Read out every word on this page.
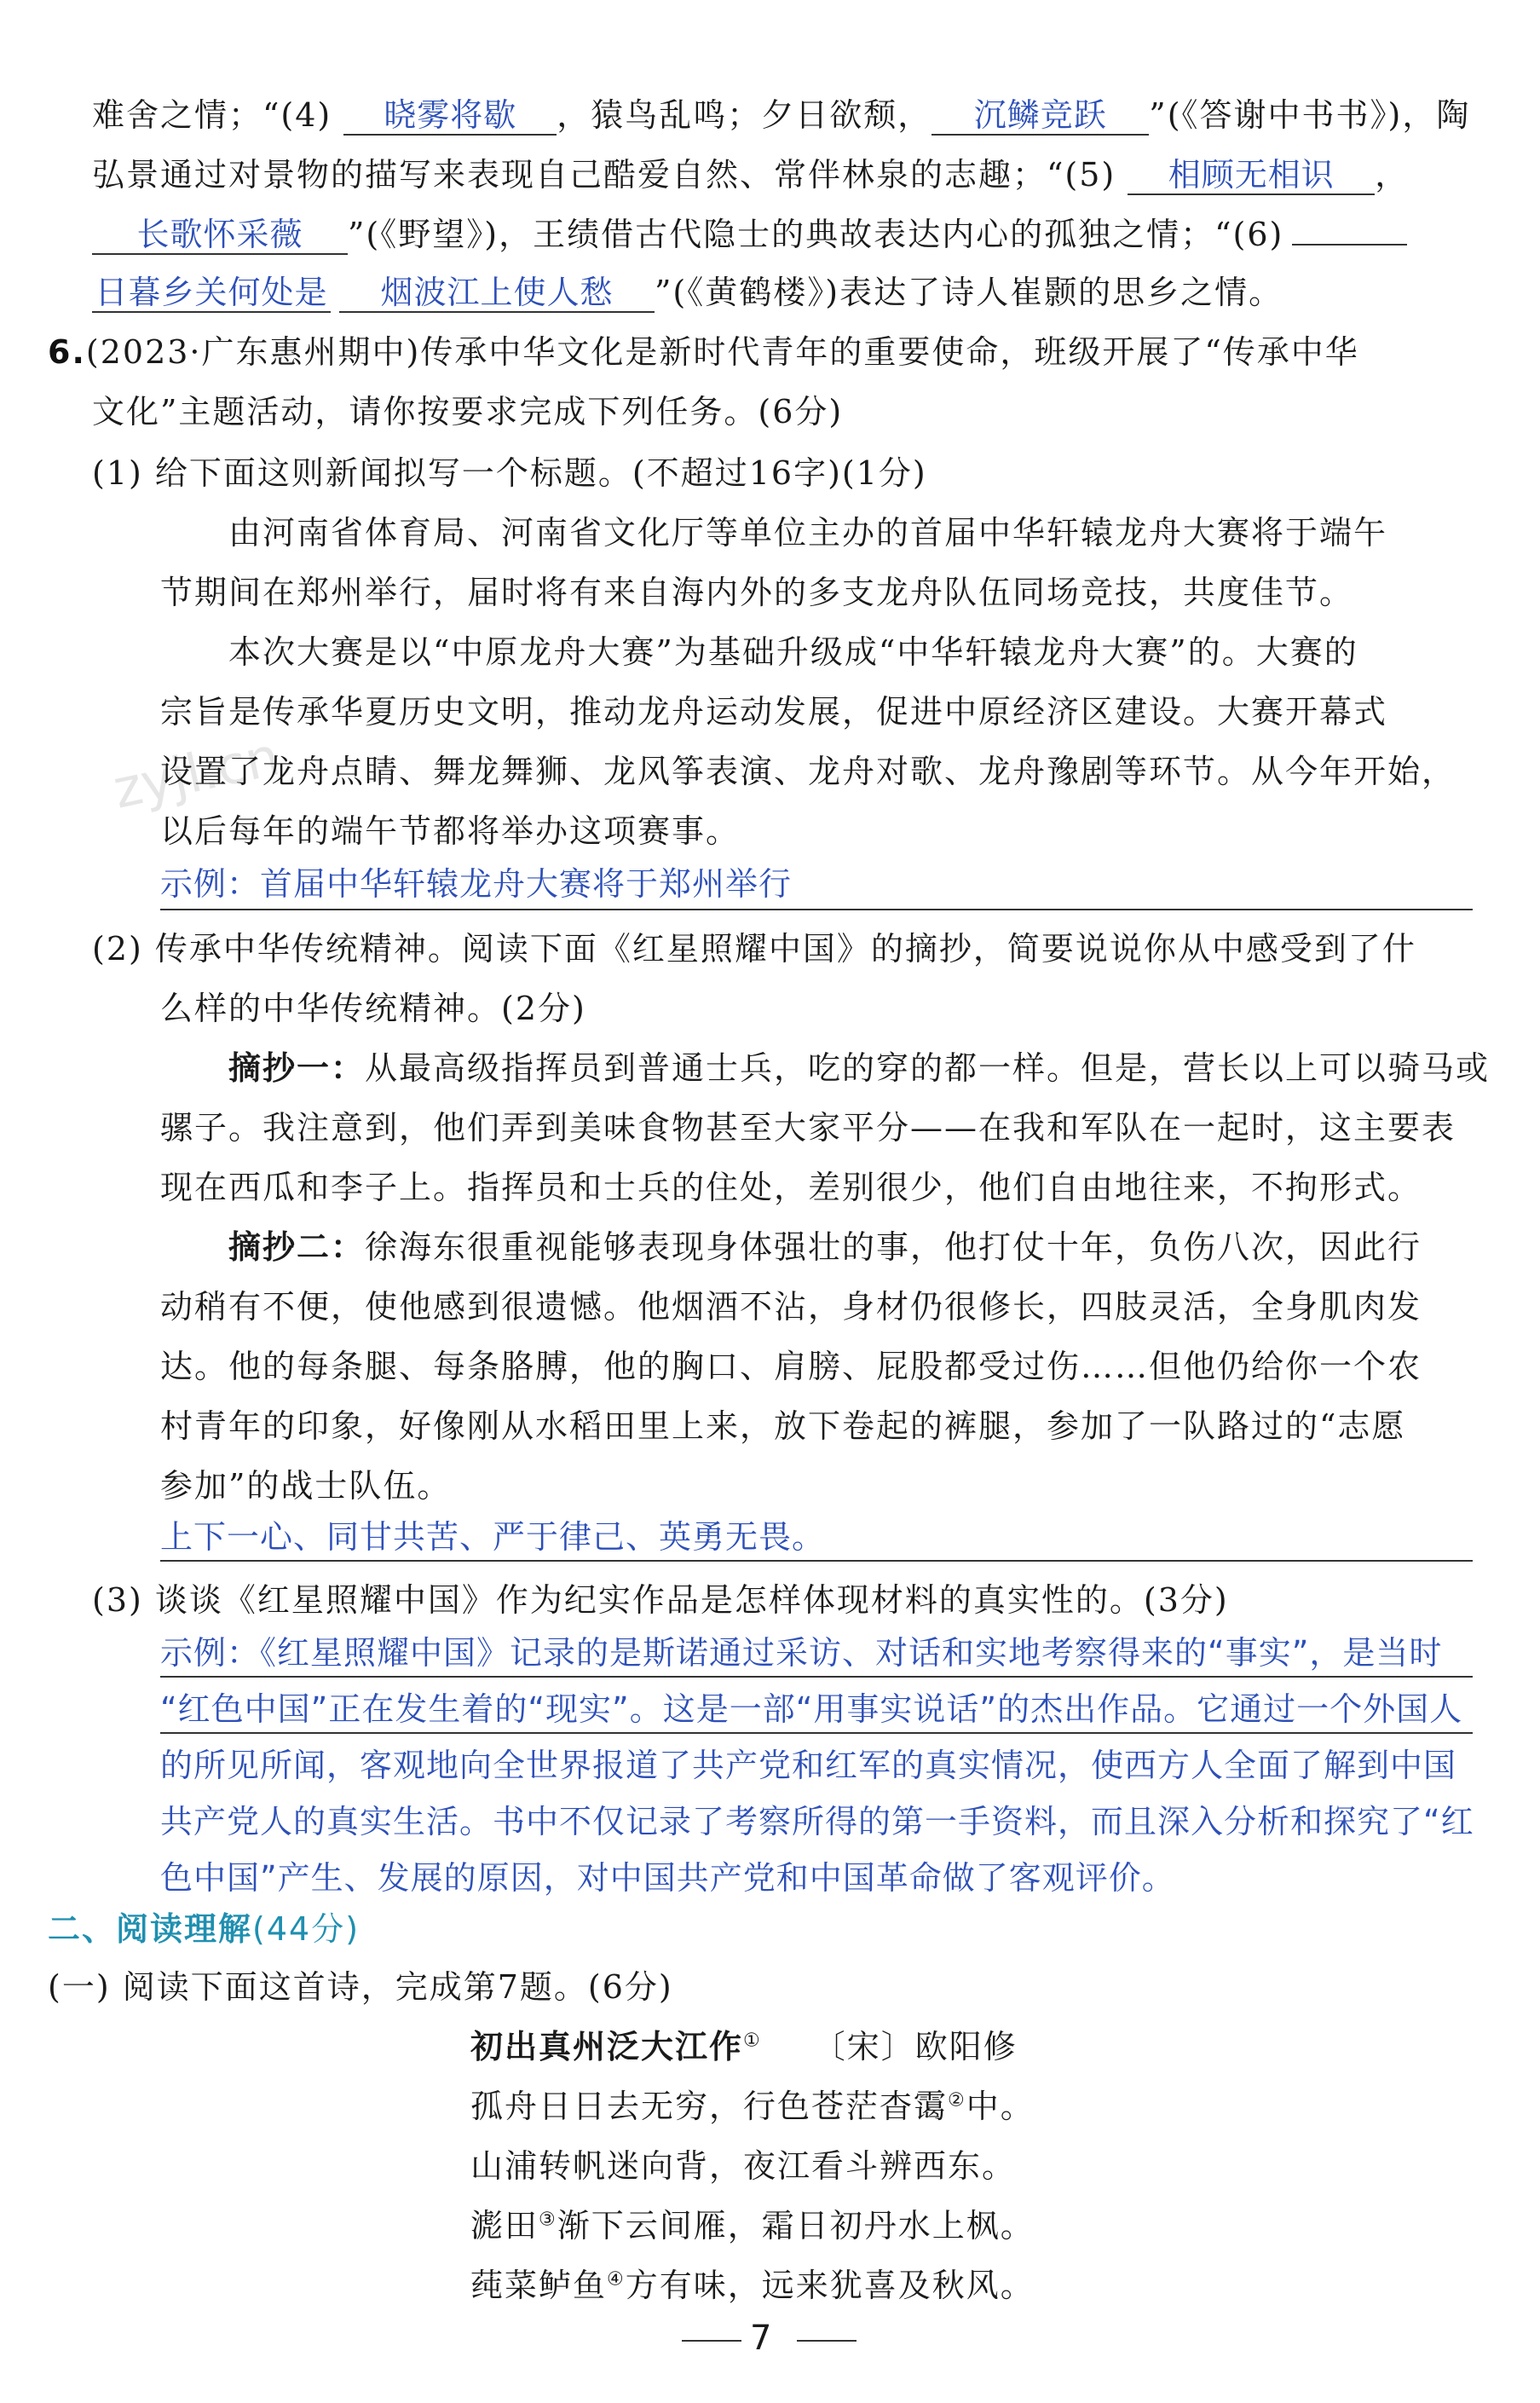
zyjl.cn
难舍之情；“(4) 晓雾将歇 ，猿鸟乱鸣；夕日欲颓， 沉鳞竞跃 ”(《答谢中书书》)，陶
弘景通过对景物的描写来表现自己酷爱自然、常伴林泉的志趣；“(5) 相顾无相识 ，
长歌怀采薇 ”(《野望》)，王绩借古代隐士的典故表达内心的孤独之情；“(6)
日暮乡关何处是 烟波江上使人愁 ”(《黄鹤楼》)表达了诗人崔颢的思乡之情。
6.(2023·广东惠州期中)传承中华文化是新时代青年的重要使命，班级开展了“传承中华
文化”主题活动，请你按要求完成下列任务。(6分)
(1) 给下面这则新闻拟写一个标题。(不超过16字)(1分)
由河南省体育局、河南省文化厅等单位主办的首届中华轩辕龙舟大赛将于端午
节期间在郑州举行，届时将有来自海内外的多支龙舟队伍同场竞技，共度佳节。
本次大赛是以“中原龙舟大赛”为基础升级成“中华轩辕龙舟大赛”的。大赛的
宗旨是传承华夏历史文明，推动龙舟运动发展，促进中原经济区建设。大赛开幕式
设置了龙舟点睛、舞龙舞狮、龙风筝表演、龙舟对歌、龙舟豫剧等环节。从今年开始，
以后每年的端午节都将举办这项赛事。
示例：首届中华轩辕龙舟大赛将于郑州举行
(2) 传承中华传统精神。阅读下面《红星照耀中国》的摘抄，简要说说你从中感受到了什
么样的中华传统精神。(2分)
摘抄一：从最高级指挥员到普通士兵，吃的穿的都一样。但是，营长以上可以骑马或
骡子。我注意到，他们弄到美味食物甚至大家平分——在我和军队在一起时，这主要表
现在西瓜和李子上。指挥员和士兵的住处，差别很少，他们自由地往来，不拘形式。
摘抄二：徐海东很重视能够表现身体强壮的事，他打仗十年，负伤八次，因此行
动稍有不便，使他感到很遗憾。他烟酒不沾，身材仍很修长，四肢灵活，全身肌肉发
达。他的每条腿、每条胳膊，他的胸口、肩膀、屁股都受过伤……但他仍给你一个农
村青年的印象，好像刚从水稻田里上来，放下卷起的裤腿，参加了一队路过的“志愿
参加”的战士队伍。
上下一心、同甘共苦、严于律己、英勇无畏。
(3) 谈谈《红星照耀中国》作为纪实作品是怎样体现材料的真实性的。(3分)
示例：《红星照耀中国》记录的是斯诺通过采访、对话和实地考察得来的“事实”，是当时
“红色中国”正在发生着的“现实”。这是一部“用事实说话”的杰出作品。它通过一个外国人
的所见所闻，客观地向全世界报道了共产党和红军的真实情况，使西方人全面了解到中国
共产党人的真实生活。书中不仅记录了考察所得的第一手资料，而且深入分析和探究了“红
色中国”产生、发展的原因，对中国共产党和中国革命做了客观评价。
二、阅读理解(44分)
(一) 阅读下面这首诗，完成第7题。(6分)
初出真州泛大江作① 〔宋〕欧阳修
孤舟日日去无穷，行色苍茫杳霭②中。
山浦转帆迷向背，夜江看斗辨西东。
滮田③渐下云间雁，霜日初丹水上枫。
莼菜鲈鱼④方有味，远来犹喜及秋风。
7
